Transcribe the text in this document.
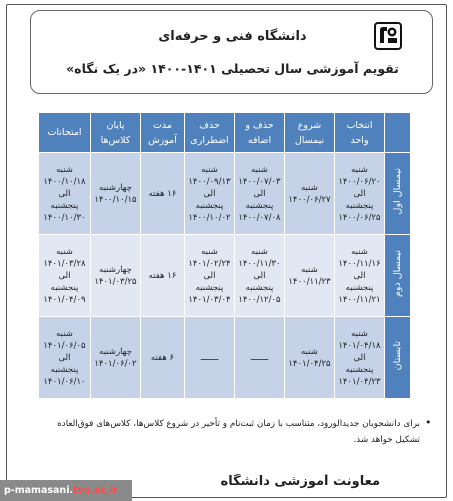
دانشگاه فنی و حرفه‌ای
تقویم آموزشی سال تحصیلی ۱۴۰۱-۱۴۰۰ «در یک نگاه»
	انتخاب واحد	شروع نیمسال	حذف و اضافه	حذف اضطراری	مدت آموزش	پایان کلاس‌ها	امتحانات
نیمسال اول	شنبه
۱۴۰۰/۰۶/۲۰
الی
پنجشنبه
۱۴۰۰/۰۶/۲۵	شنبه
۱۴۰۰/۰۶/۲۷	شنبه
۱۴۰۰/۰۷/۰۳
الی
پنجشنبه
۱۴۰۰/۰۷/۰۸	شنبه
۱۴۰۰/۰۹/۱۳
الی
پنجشنبه
۱۴۰۰/۱۰/۰۲	۱۶ هفته	چهارشنبه
۱۴۰۰/۱۰/۱۵	شنبه
۱۴۰۰/۱۰/۱۸
الی
پنجشنبه
۱۴۰۰/۱۰/۳۰

نیمسال دوم	شنبه
۱۴۰۰/۱۱/۱۶
الی
پنجشنبه
۱۴۰۰/۱۱/۲۱	شنبه
۱۴۰۰/۱۱/۲۳	شنبه
۱۴۰۰/۱۱/۳۰
الی
پنجشنبه
۱۴۰۰/۱۲/۰۵	شنبه
۱۴۰۱/۰۲/۲۴
الی
پنجشنبه
۱۴۰۱/۰۳/۰۴	۱۶ هفته	چهارشنبه
۱۴۰۱/۰۳/۲۵	شنبه
۱۴۰۱/۰۳/۲۸
الی
پنجشنبه
۱۴۰۱/۰۴/۰۹

تابستان	شنبه
۱۴۰۱/۰۴/۱۸
الی
پنجشنبه
۱۴۰۱/۰۴/۲۳	شنبه
۱۴۰۱/۰۴/۲۵	ـــــــ	ـــــــ	۶ هفته	چهارشنبه
۱۴۰۱/۰۶/۰۲	شنبه
۱۴۰۱/۰۶/۰۵
الی
پنجشنبه
۱۴۰۱/۰۶/۱۰
•
برای دانشجویان جدیدالورود، متناسب با زمان ثبت‌نام و تأخیر در شروع کلاس‌ها، کلاس‌های فوق‌العاده تشکیل خواهد شد.
معاونت آموزشی دانشگاه
p-mamasani.tvu.ac.ir
